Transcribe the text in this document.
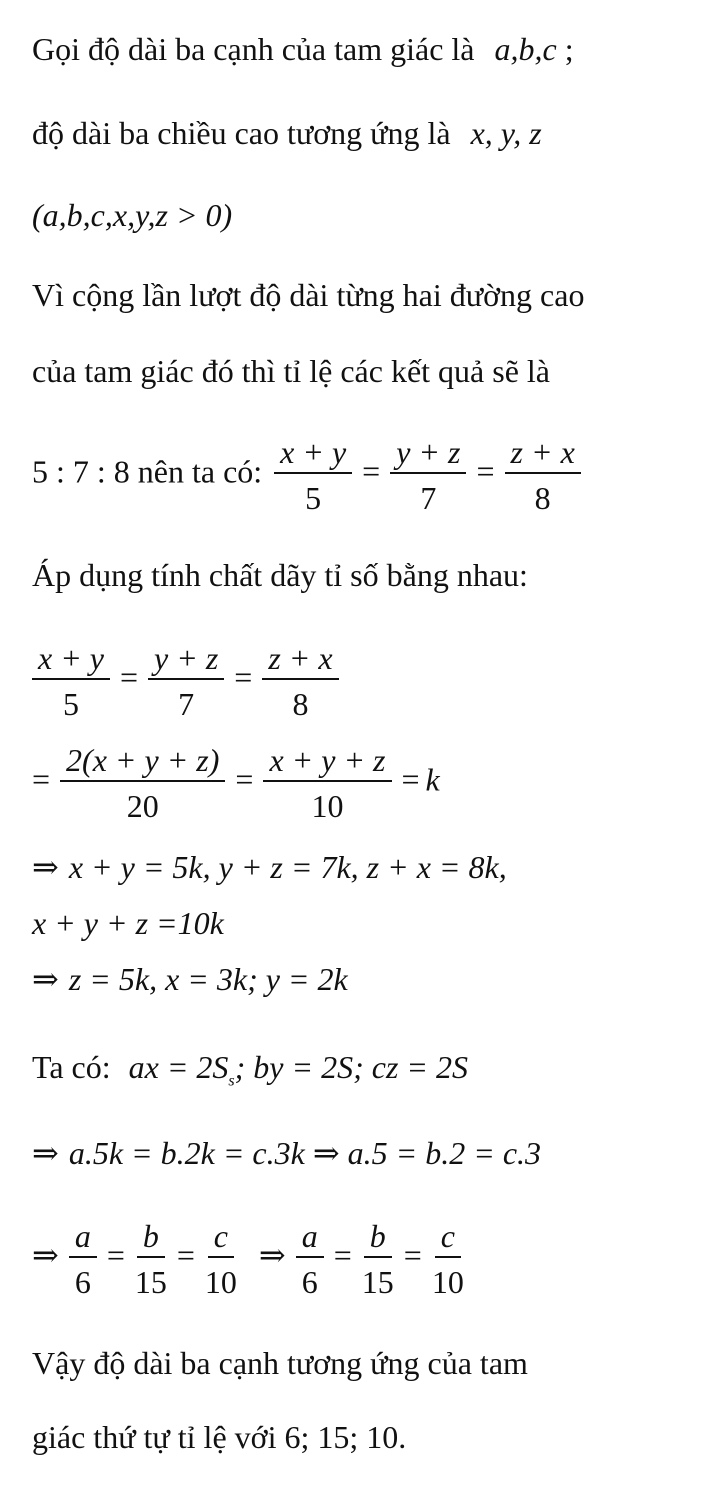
Gọi độ dài ba cạnh của tam giác là a,b,c ;
độ dài ba chiều cao tương ứng là x, y, z
(a,b,c,x,y,z > 0)
Vì cộng lần lượt độ dài từng hai đường cao
của tam giác đó thì tỉ lệ các kết quả sẽ là
5 : 7 : 8 nên ta có: $\frac{x + y}{5} = \frac{y + z}{7} = \frac{z + x}{8}$
Áp dụng tính chất dãy tỉ số bằng nhau:
$\frac{x + y}{5} = \frac{y + z}{7} = \frac{z + x}{8}$
= $\frac{2(x + y + z)}{20} = \frac{x + y + z}{10} = k$
⇒ x + y = 5k, y + z = 7k, z + x = 8k,
x + y + z =10k
⇒ z = 5k, x = 3k; y = 2k
Ta có: ax = $2S_s$; by = 2S; cz = 2S
⇒ a.5k = b.2k = c.3k ⇒ a.5 = b.2 = c.3
⇒ $\frac{a}{6} = \frac{b}{15} = \frac{c}{10}$ ⇒ $\frac{a}{6} = \frac{b}{15} = \frac{c}{10}$
Vậy độ dài ba cạnh tương ứng của tam
giác thứ tự tỉ lệ với 6; 15; 10.
